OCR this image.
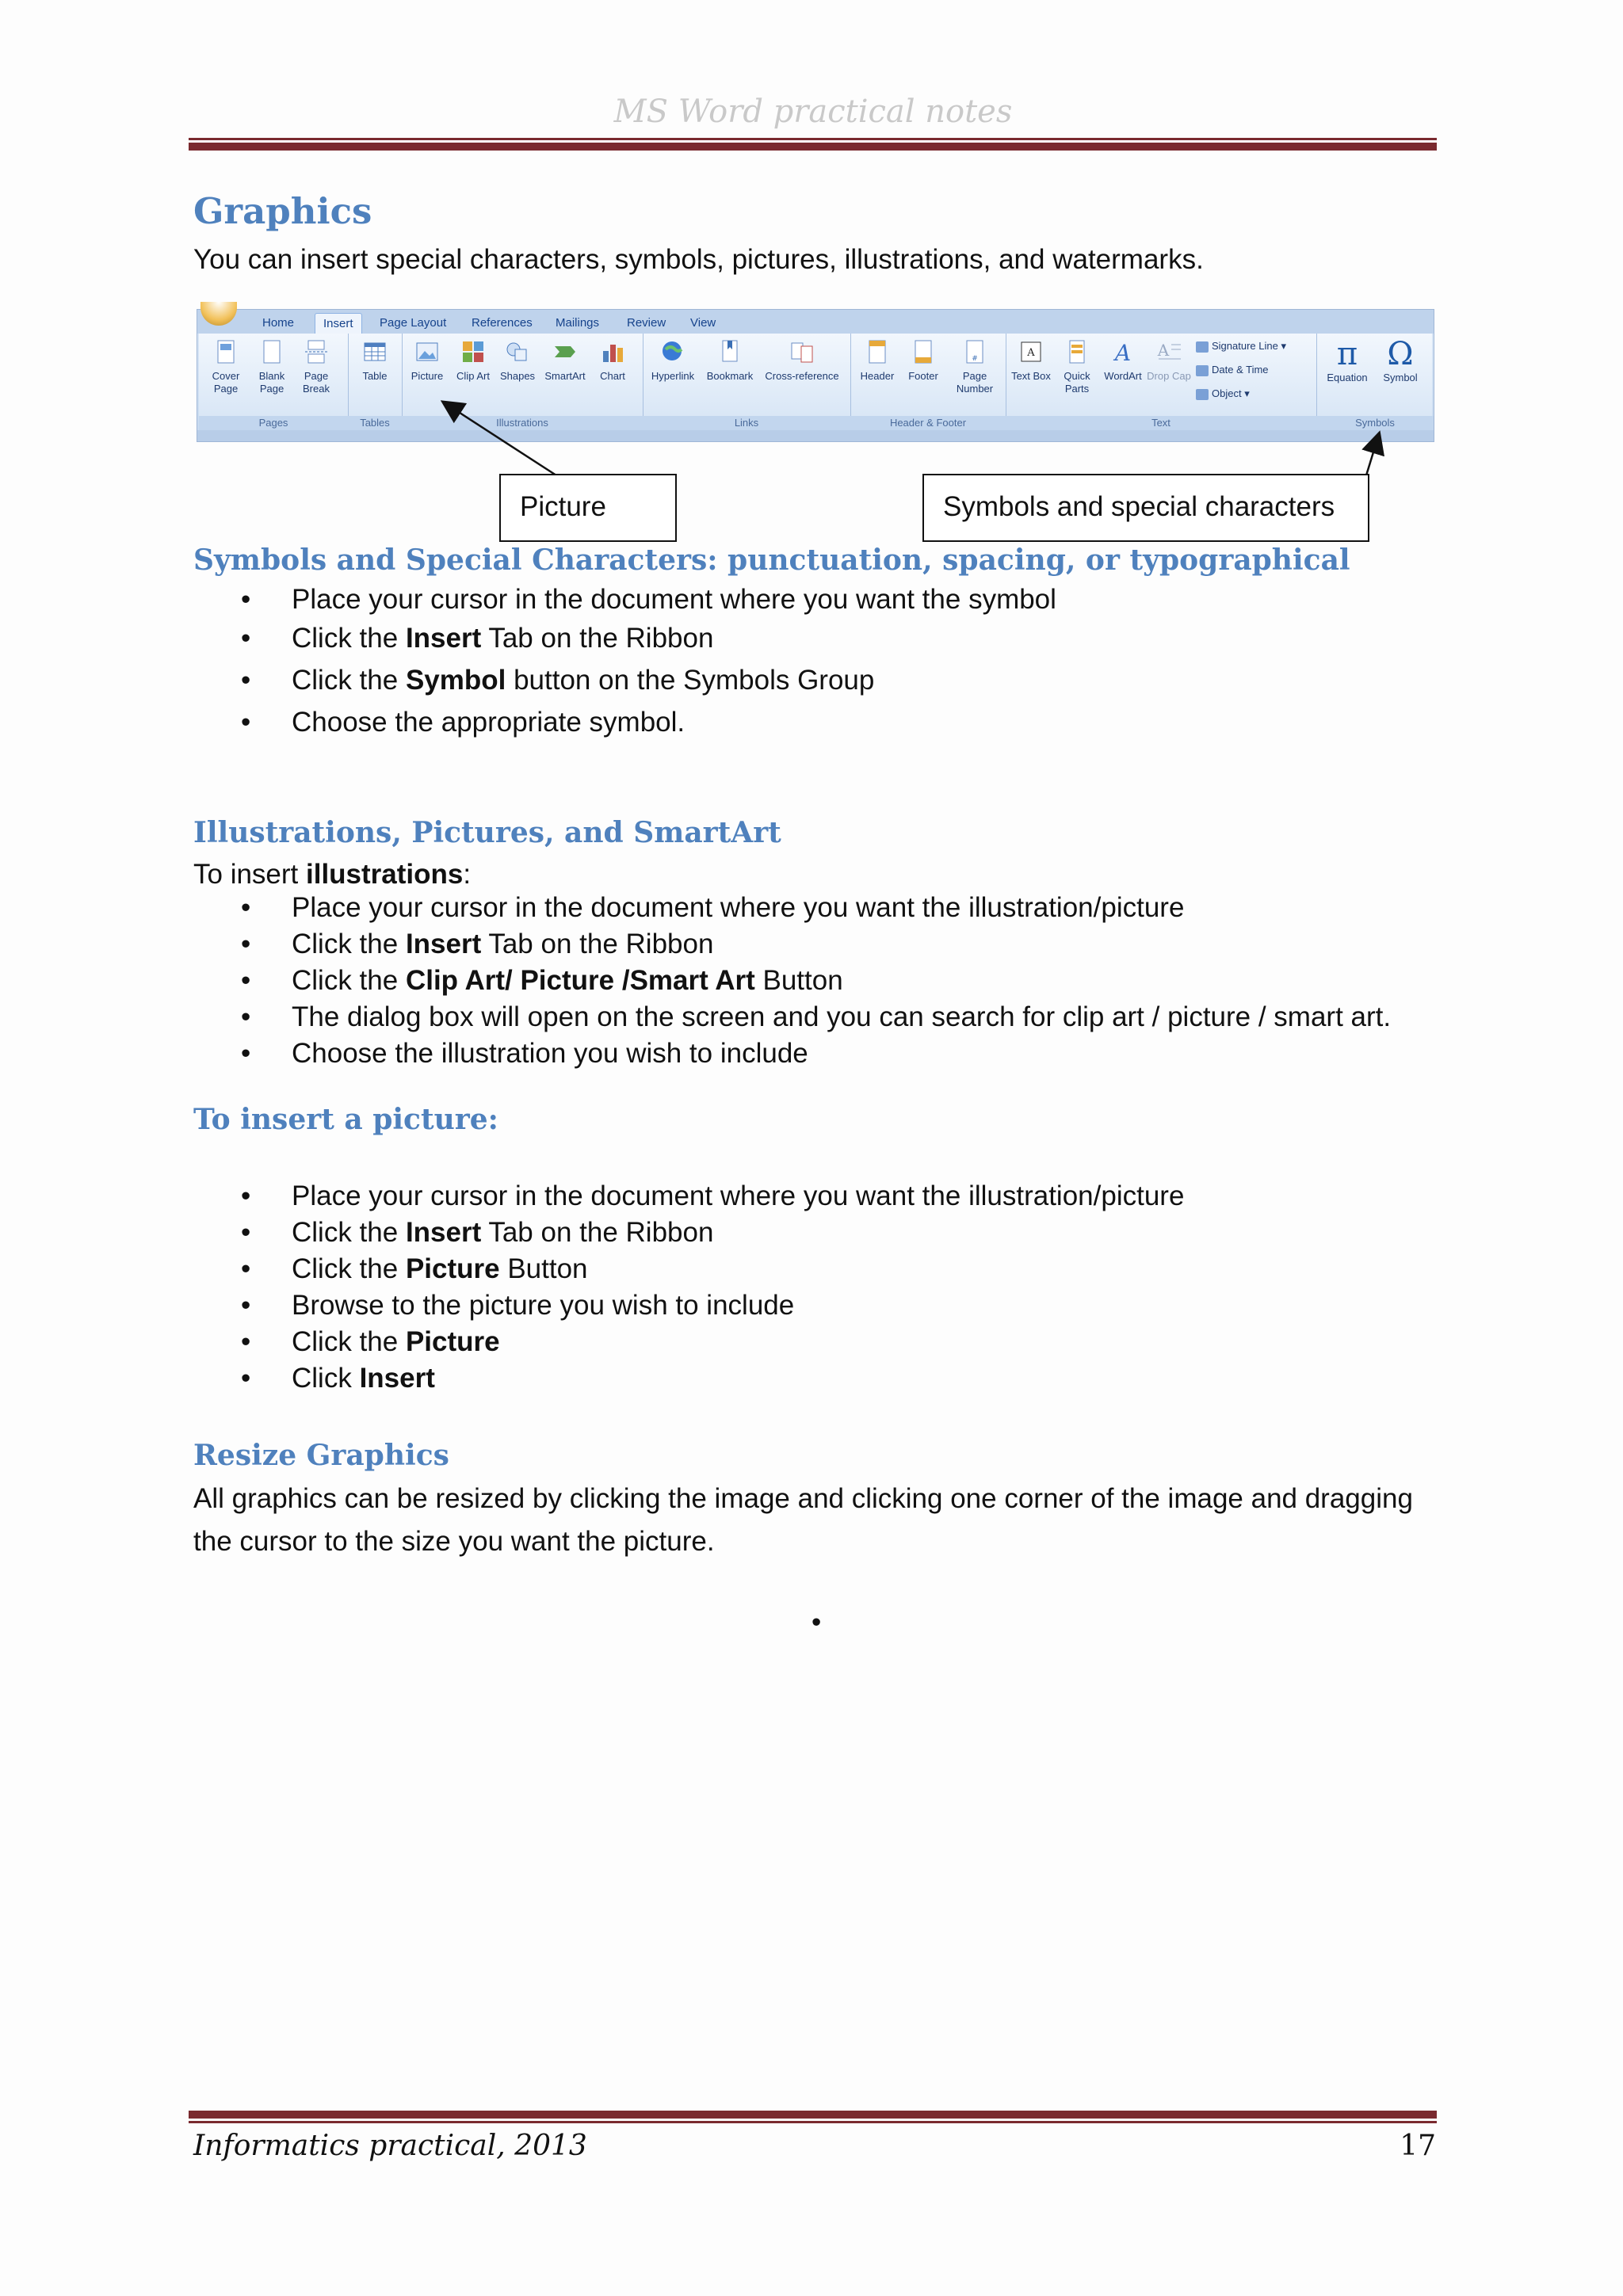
MS Word practical notes
Graphics
You can insert special characters, symbols, pictures, illustrations, and watermarks.
Home	Insert	Page Layout	References	Mailings	Review	View
Cover Page
Blank Page
Page Break
Pages
Table
Tables
Picture	Clip Art	Shapes SmartArt	Chart
Illustrations
Hyperlink	Bookmark	Cross-reference
Links
Header	Footer
#
Page Number
Header & Footer
A
Text Box	Quick Parts
A
WordArt
A
Drop Cap
Signature Line ▾
Date & Time
Object ▾
Text
π
Equation
Ω
Symbol
Symbols
Picture	Symbols and special characters
Symbols and Special Characters: punctuation, spacing, or typographical
• Place your cursor in the document where you want the symbol
• Click the Insert Tab on the Ribbon
• Click the Symbol button on the Symbols Group
• Choose the appropriate symbol.
Illustrations, Pictures, and SmartArt
To insert illustrations:
• Place your cursor in the document where you want the illustration/picture
• Click the Insert Tab on the Ribbon
• Click the Clip Art/ Picture /Smart Art Button
• The dialog box will open on the screen and you can search for clip art / picture / smart art.
• Choose the illustration you wish to include
To insert a picture:
• Place your cursor in the document where you want the illustration/picture
• Click the Insert Tab on the Ribbon
• Click the Picture Button
• Browse to the picture you wish to include
• Click the Picture
• Click Insert
Resize Graphics
All graphics can be resized by clicking the image and clicking one corner of the image and dragging
the cursor to the size you want the picture.
•
Informatics practical, 2013	17
